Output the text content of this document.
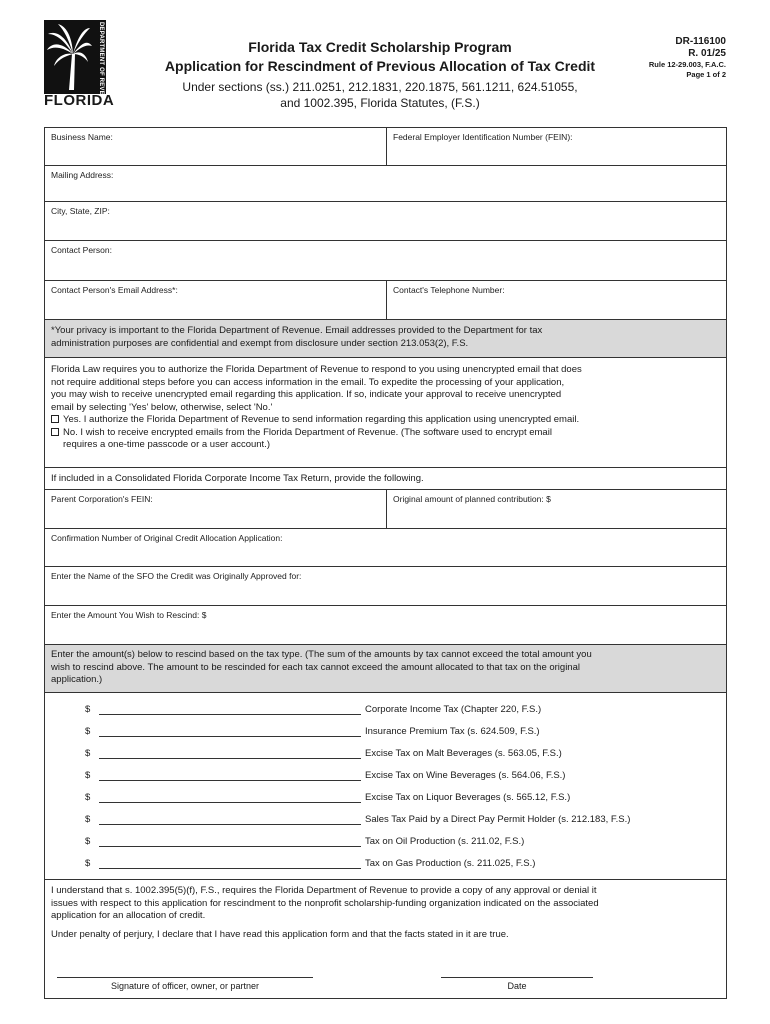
DEPARTMENT OF REVENUE
FLORIDA
Florida Tax Credit Scholarship Program
Application for Rescindment of Previous Allocation of Tax Credit
Under sections (ss.) 211.0251, 212.1831, 220.1875, 561.1211, 624.51055,
and 1002.395, Florida Statutes, (F.S.)
DR-116100
R. 01/25
Rule 12-29.003, F.A.C.
Page 1 of 2
Business Name:	Federal Employer Identification Number (FEIN):
Mailing Address:
City, State, ZIP:
Contact Person:
Contact Person's Email Address*:	Contact's Telephone Number:

*Your privacy is important to the Florida Department of Revenue. Email addresses provided to the Department for tax

administration purposes are confidential and exempt from disclosure under section 213.053(2), F.S.

Florida Law requires you to authorize the Florida Department of Revenue to respond to you using unencrypted email that does

not require additional steps before you can access information in the email. To expedite the processing of your application,

you may wish to receive unencrypted email regarding this application. If so, indicate your approval to receive unencrypted

email by selecting 'Yes' below, otherwise, select 'No.'

Yes. I authorize the Florida Department of Revenue to send information regarding this application using unencrypted email.

No. I wish to receive encrypted emails from the Florida Department of Revenue. (The software used to encrypt email

requires a one-time passcode or a user account.)

If included in a Consolidated Florida Corporate Income Tax Return, provide the following.
Parent Corporation's FEIN:	Original amount of planned contribution: $
Confirmation Number of Original Credit Allocation Application:
Enter the Name of the SFO the Credit was Originally Approved for:
Enter the Amount You Wish to Rescind: $

Enter the amount(s) below to rescind based on the tax type. (The sum of the amounts by tax cannot exceed the total amount you

wish to rescind above. The amount to be rescinded for each tax cannot exceed the amount allocated to that tax on the original

application.)

$	Corporate Income Tax (Chapter 220, F.S.)
$	Insurance Premium Tax (s. 624.509, F.S.)
$	Excise Tax on Malt Beverages (s. 563.05, F.S.)
$	Excise Tax on Wine Beverages (s. 564.06, F.S.)
$	Excise Tax on Liquor Beverages (s. 565.12, F.S.)
$	Sales Tax Paid by a Direct Pay Permit Holder (s. 212.183, F.S.)
$	Tax on Oil Production (s. 211.02, F.S.)
$	Tax on Gas Production (s. 211.025, F.S.)

I understand that s. 1002.395(5)(f), F.S., requires the Florida Department of Revenue to provide a copy of any approval or denial it

issues with respect to this application for rescindment to the nonprofit scholarship-funding organization indicated on the associated

application for an allocation of credit.

Under penalty of perjury, I declare that I have read this application form and that the facts stated in it are true.

Signature of officer, owner, or partner	Date
